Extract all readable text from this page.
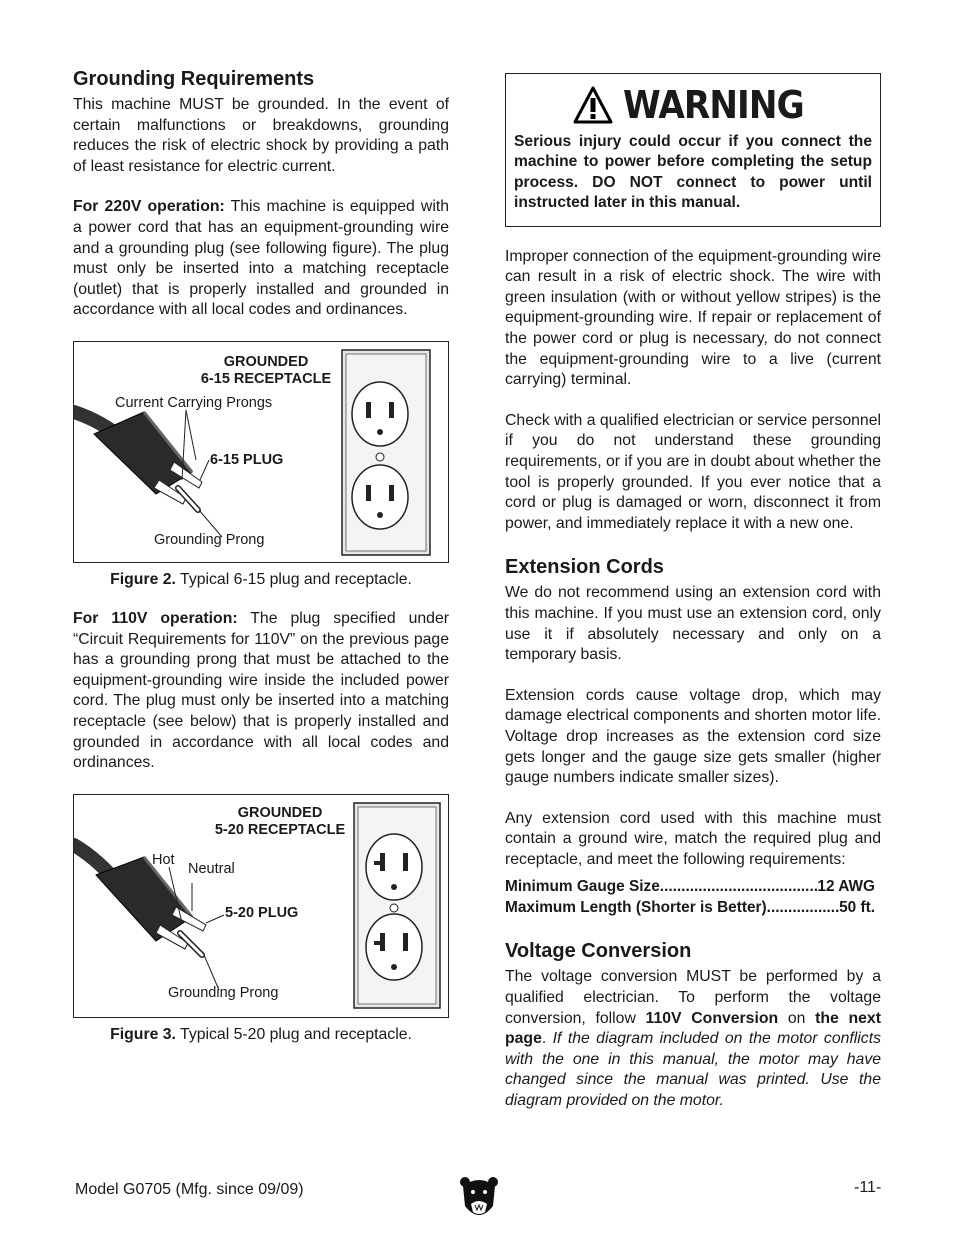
Grounding Requirements

This machine MUST be grounded. In the event of certain malfunctions or breakdowns, grounding reduces the risk of electric shock by providing a path of least resistance for electric current.

For 220V operation: This machine is equipped with a power cord that has an equipment-grounding wire and a grounding plug (see following figure). The plug must only be inserted into a matching receptacle (outlet) that is properly installed and grounded in accordance with all local codes and ordinances.

GROUNDED
6-15 RECEPTACLE
Current Carrying Prongs
6-15 PLUG
Grounding Prong
Figure 2. Typical 6-15 plug and receptacle.

For 110V operation: The plug specified under “Circuit Requirements for 110V” on the previous page has a grounding prong that must be attached to the equipment-grounding wire inside the included power cord. The plug must only be inserted into a matching receptacle (see below) that is properly installed and grounded in accordance with all local codes and ordinances.

GROUNDED
5-20 RECEPTACLE
Hot
Neutral
5-20 PLUG
Grounding Prong
Figure 3. Typical 5-20 plug and receptacle.
WARNING

Serious injury could occur if you connect the machine to power before completing the setup process. DO NOT connect to power until instructed later in this manual.

Improper connection of the equipment-grounding wire can result in a risk of electric shock. The wire with green insulation (with or without yellow stripes) is the equipment-grounding wire. If repair or replacement of the power cord or plug is necessary, do not connect the equipment-grounding wire to a live (current carrying) terminal.

Check with a qualified electrician or service personnel if you do not understand these grounding requirements, or if you are in doubt about whether the tool is properly grounded. If you ever notice that a cord or plug is damaged or worn, disconnect it from power, and immediately replace it with a new one.

Extension Cords

We do not recommend using an extension cord with this machine. If you must use an extension cord, only use it if absolutely necessary and only on a temporary basis.

Extension cords cause voltage drop, which may damage electrical components and shorten motor life. Voltage drop increases as the extension cord size gets longer and the gauge size gets smaller (higher gauge numbers indicate smaller sizes).

Any extension cord used with this machine must contain a ground wire, match the required plug and receptacle, and meet the following requirements:

Minimum Gauge Size .....	12 AWG
Maximum Length (Shorter is Better) .....	50 ft.
Voltage Conversion

The voltage conversion MUST be performed by a qualified electrician. To perform the voltage conversion, follow 110V Conversion on the next page. If the diagram included on the motor conflicts with the one in this manual, the motor may have changed since the manual was printed. Use the diagram provided on the motor.

Model G0705 (Mfg. since 09/09)	-11-
